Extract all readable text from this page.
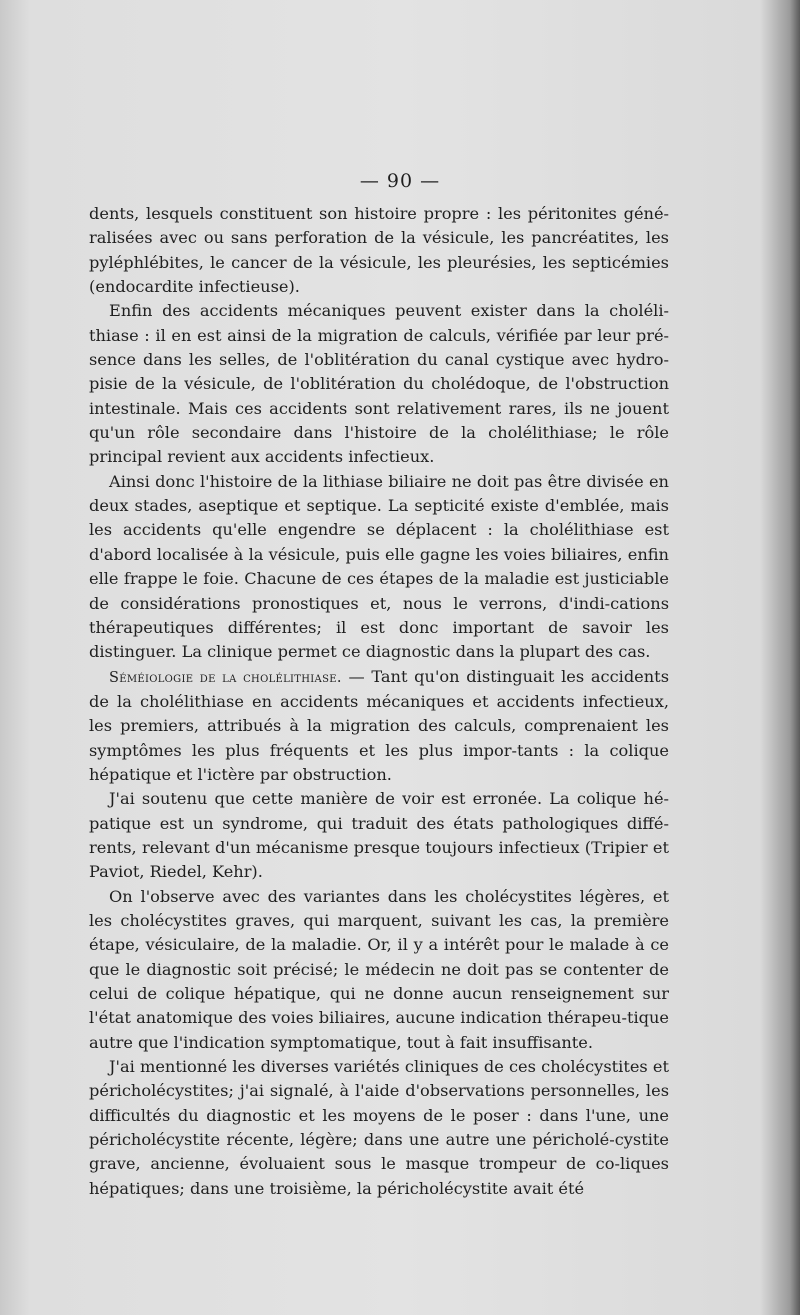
— 90 —

dents, lesquels constituent son histoire propre : les péritonites géné-ralisées avec ou sans perforation de la vésicule, les pancréatites, les pyléphlébites, le cancer de la vésicule, les pleurésies, les septicémies (endocardite infectieuse).

Enfin des accidents mécaniques peuvent exister dans la choléli-thiase : il en est ainsi de la migration de calculs, vérifiée par leur pré-sence dans les selles, de l'oblitération du canal cystique avec hydro-pisie de la vésicule, de l'oblitération du cholédoque, de l'obstruction intestinale. Mais ces accidents sont relativement rares, ils ne jouent qu'un rôle secondaire dans l'histoire de la cholélithiase; le rôle principal revient aux accidents infectieux.

Ainsi donc l'histoire de la lithiase biliaire ne doit pas être divisée en deux stades, aseptique et septique. La septicité existe d'emblée, mais les accidents qu'elle engendre se déplacent : la cholélithiase est d'abord localisée à la vésicule, puis elle gagne les voies biliaires, enfin elle frappe le foie. Chacune de ces étapes de la maladie est justiciable de considérations pronostiques et, nous le verrons, d'indi-cations thérapeutiques différentes; il est donc important de savoir les distinguer. La clinique permet ce diagnostic dans la plupart des cas.

Séméiologie de la cholélithiase. — Tant qu'on distinguait les accidents de la cholélithiase en accidents mécaniques et accidents infectieux, les premiers, attribués à la migration des calculs, comprenaient les symptômes les plus fréquents et les plus impor-tants : la colique hépatique et l'ictère par obstruction.

J'ai soutenu que cette manière de voir est erronée. La colique hé-patique est un syndrome, qui traduit des états pathologiques diffé-rents, relevant d'un mécanisme presque toujours infectieux (Tripier et Paviot, Riedel, Kehr).

On l'observe avec des variantes dans les cholécystites légères, et les cholécystites graves, qui marquent, suivant les cas, la première étape, vésiculaire, de la maladie. Or, il y a intérêt pour le malade à ce que le diagnostic soit précisé; le médecin ne doit pas se contenter de celui de colique hépatique, qui ne donne aucun renseignement sur l'état anatomique des voies biliaires, aucune indication thérapeu-tique autre que l'indication symptomatique, tout à fait insuffisante.

J'ai mentionné les diverses variétés cliniques de ces cholécystites et péricholécystites; j'ai signalé, à l'aide d'observations personnelles, les difficultés du diagnostic et les moyens de le poser : dans l'une, une péricholécystite récente, légère; dans une autre une péricholé-cystite grave, ancienne, évoluaient sous le masque trompeur de co-liques hépatiques; dans une troisième, la péricholécystite avait été
